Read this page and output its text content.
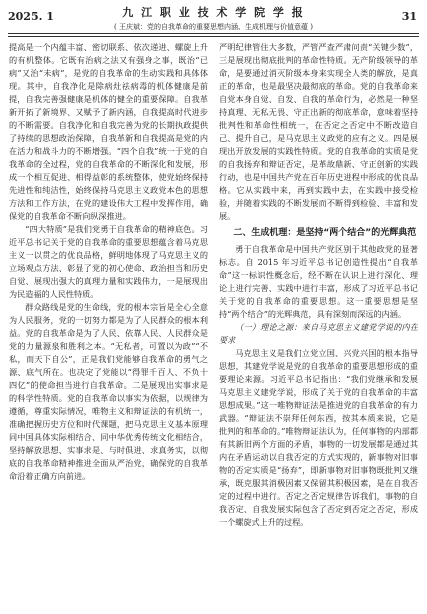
2025. 1	九 江 职 业 技 术 学 院 学 报
( 王庆斌：党的自我革命的重要思想内涵、生成机理与价值意蕴 )
31

提高是一个内蕴丰富、密切联系、依次递进、螺旋上升的有机整体。它既有治病之法又有强身之事，既治“已病”又治“未病”，是党的自我革命的生动实践和具体体现。其中，自我净化是除病灶祛病毒的机体健康是前提，自我完善强健康是机体的健全的重要保障。自我革新开拓了新境界、又赋予了新内涵，自我提高时代进步的不断需要。自我净化和自我完善为党的长期执政提供了持续的思想政治保障，自我革新和自我提高是党的内在活力和战斗力的不断增强。“四个自我”统一于党的自我革命的全过程，党的自我革命的不断深化和发展，形成一个相互促进、相得益彰的系统整体，使党始终保持先进性和纯洁性，始终保持马克思主义政党本色的思想方法和工作方法，在党的建设伟大工程中发挥作用，确保党的自我革命不断向纵深推进。

“四大特质”是我们党勇于自我革命的精神底色。习近平总书记关于党的自我革命的重要思想蕴含着马克思主义一以贯之的优良品格，鲜明地体现了马克思主义的立场观点方法、彰显了党的初心使命、政治担当和历史自觉、展现出强大的真理力量和实践伟力，一是展现出为民造福的人民性特质。

群众路线是党的生命线，党的根本宗旨是全心全意为人民服务，党的一切努力都是为了人民群众的根本利益。党的自我革命是为了人民、依靠人民、人民群众是党的力量源泉和胜利之本。“无私者，可置以为政”“不私，而天下自公”，正是我们党能够自我革命的勇气之源、底气所在。也决定了党能以“得罪千百人、不负十四亿”的使命担当进行自我革命。二是展现出实事求是的科学性特质。党的自我革命以事实为依据，以规律为遵循，尊重实际情况，唯物主义和辩证法的有机统一，准确把握历史方位和时代课题，把马克思主义基本原理同中国具体实际相结合、同中华优秀传统文化相结合，坚持解放思想、实事求是、与时俱进、求真务实，以彻底的自我革命精神推进全面从严治党，确保党的自我革命沿着正确方向前进。

严明纪律管住大多数，严管严查严肃问责“关键少数”，三是展现出彻底批判的革命性特质。无产阶级领导的革命，是要通过消灭阶级本身来实现全人类的解放，是真正的革命，也是最坚决最彻底的革命。党的自我革命来自党本身自觉、自发、自我的革命行为，必然是一种坚持真理、无私无畏、守正出新的彻底革命，意味着坚持批判性和革命性相统一，在否定之否定中不断改造自己、提升自己，是马克思主义政党的应有之义。四是展现出开放发展的实践性特质。党的自我革命的实质是党的自我扬弃和辩证否定，是革故鼎新、守正创新的实践行动，也是中国共产党在百年历史进程中形成的优良品格。它从实践中来，再到实践中去，在实践中接受检验，并随着实践的不断发展而不断得到检验、丰富和发展。

二、生成机理：是坚持“两个结合”的光辉典范

勇于自我革命是中国共产党区别于其他政党的显著标志。自 2015 年习近平总书记创造性提出“自我革命”这一标识性概念后，经不断在认识上进行深化、理论上进行完善、实践中进行丰富，形成了习近平总书记关于党的自我革命的重要思想。这一重要思想是坚持“两个结合”的光辉典范，具有深刻而深远的内涵。

（一）理论之源：来自马克思主义建党学说的内在要求

马克思主义是我们立党立国、兴党兴国的根本指导思想，其建党学说是党的自我革命的重要思想形成的重要理论来源。习近平总书记指出：“我们党继承和发展马克思主义建党学说，形成了关于党的自我革命的丰富思想成果。”这一唯物辩证法是推进党的自我革命的有力武器。“辩证法不崇拜任何东西，按其本质来说，它是批判的和革命的。”唯物辩证法认为，任何事物的内部都有其新旧两个方面的矛盾，事物的一切发展都是通过其内在矛盾运动以自我否定的方式实现的，新事物对旧事物的否定实质是“扬弃”，即新事物对旧事物既批判又继承，既克服其消极因素又保留其积极因素，是在自我否定的过程中进行。否定之否定规律告诉我们，事物的自我否定、自我发展实际包含了否定到否定之否定，形成一个螺旋式上升的过程。
